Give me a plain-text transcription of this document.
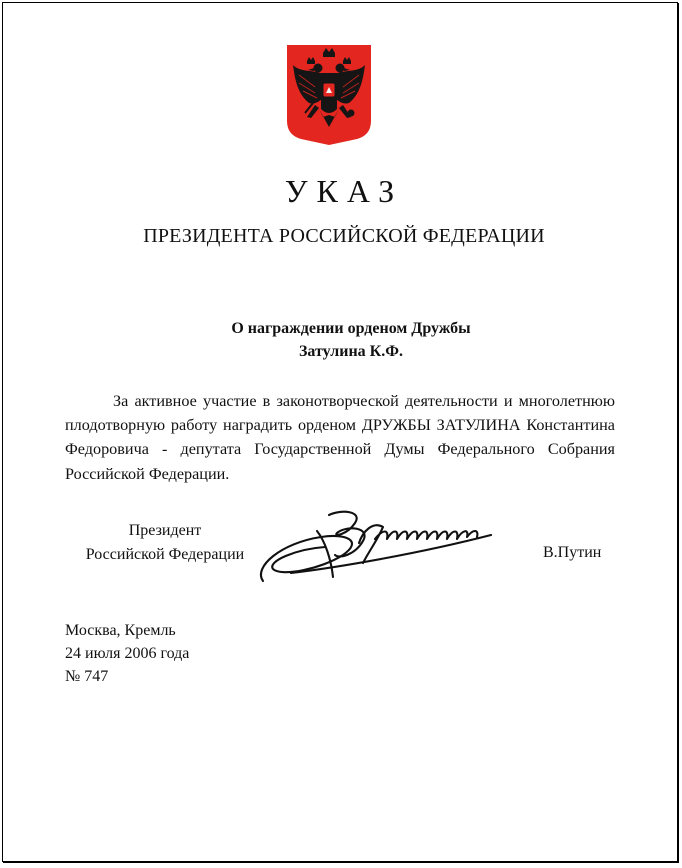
УКАЗ
ПРЕЗИДЕНТА РОССИЙСКОЙ ФЕДЕРАЦИИ
О награждении орденом Дружбы
Затулина К.Ф.

За активное участие в законотворческой деятельности и многолетнюю плодотворную работу наградить орденом ДРУЖБЫ ЗАТУЛИНА Константина Федоровича - депутата Государственной Думы Федерального Собрания Российской Федерации.

Президент
Российской Федерации	В.Путин
Москва, Кремль
24 июля 2006 года
№ 747
